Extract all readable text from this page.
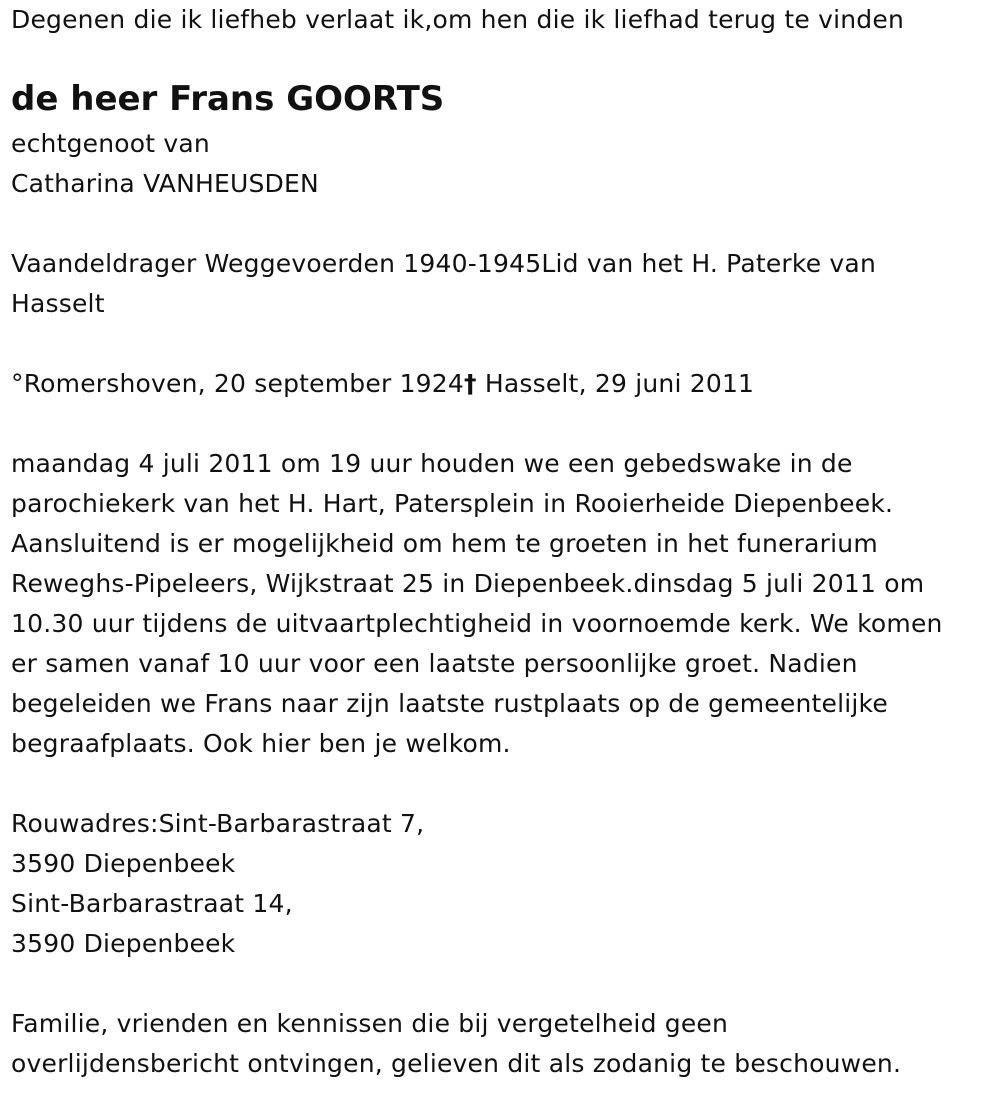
Degenen die ik liefheb verlaat ik,om hen die ik liefhad terug te vinden
de heer Frans GOORTS
echtgenoot van
Catharina VANHEUSDEN
Vaandeldrager Weggevoerden 1940-1945Lid van het H. Paterke van
Hasselt
°Romershoven, 20 september 1924† Hasselt, 29 juni 2011
maandag 4 juli 2011 om 19 uur houden we een gebedswake in de
parochiekerk van het H. Hart, Patersplein in Rooierheide Diepenbeek.
Aansluitend is er mogelijkheid om hem te groeten in het funerarium
Reweghs-Pipeleers, Wijkstraat 25 in Diepenbeek.dinsdag 5 juli 2011 om
10.30 uur tijdens de uitvaartplechtigheid in voornoemde kerk. We komen
er samen vanaf 10 uur voor een laatste persoonlijke groet. Nadien
begeleiden we Frans naar zijn laatste rustplaats op de gemeentelijke
begraafplaats. Ook hier ben je welkom.
Rouwadres:Sint-Barbarastraat 7,
3590 Diepenbeek
Sint-Barbarastraat 14,
3590 Diepenbeek
Familie, vrienden en kennissen die bij vergetelheid geen
overlijdensbericht ontvingen, gelieven dit als zodanig te beschouwen.
